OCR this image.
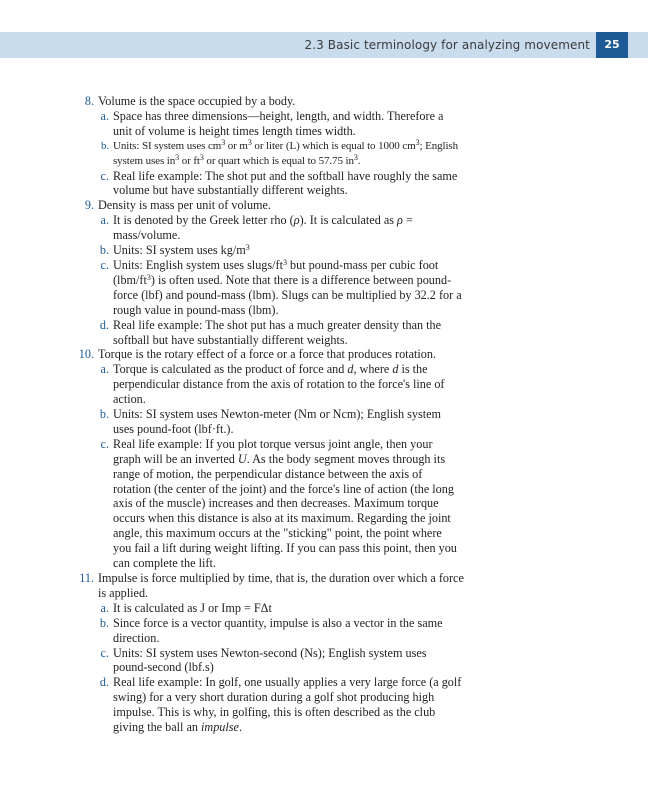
2.3 Basic terminology for analyzing movement	25
8. Volume is the space occupied by a body.
a. Space has three dimensions—height, length, and width. Therefore a unit of volume is height times length times width.
b. Units: SI system uses $cm^3$ or $m^3$ or liter (L) which is equal to 1000 $cm^3$; English system uses $in^3$ or $ft^3$ or quart which is equal to 57.75 $in^3$.
c. Real life example: The shot put and the softball have roughly the same volume but have substantially different weights.
9. Density is mass per unit of volume.
a. It is denoted by the Greek letter rho (ρ). It is calculated as ρ = mass/volume.
b. Units: SI system uses $kg/m^3$
c. Units: English system uses slugs/$ft^3$ but pound-mass per cubic foot $(lbm/ft^3)$ is often used. Note that there is a difference between pound-force (lbf) and pound-mass (lbm). Slugs can be multiplied by 32.2 for a rough value in pound-mass (lbm).
d. Real life example: The shot put has a much greater density than the softball but have substantially different weights.
10. Torque is the rotary effect of a force or a force that produces rotation.
a. Torque is calculated as the product of force and d, where d is the perpendicular distance from the axis of rotation to the force's line of action.
b. Units: SI system uses Newton-meter (Nm or Ncm); English system uses pound-foot (lbf·ft.).
c. Real life example: If you plot torque versus joint angle, then your graph will be an inverted U. As the body segment moves through its range of motion, the perpendicular distance between the axis of rotation (the center of the joint) and the force's line of action (the long axis of the muscle) increases and then decreases. Maximum torque occurs when this distance is also at its maximum. Regarding the joint angle, this maximum occurs at the "sticking" point, the point where you fail a lift during weight lifting. If you can pass this point, then you can complete the lift.
11. Impulse is force multiplied by time, that is, the duration over which a force is applied.
a. It is calculated as J or Imp = FΔt
b. Since force is a vector quantity, impulse is also a vector in the same direction.
c. Units: SI system uses Newton-second (Ns); English system uses pound-second (lbf.s)
d. Real life example: In golf, one usually applies a very large force (a golf swing) for a very short duration during a golf shot producing high impulse. This is why, in golfing, this is often described as the club giving the ball an impulse.
